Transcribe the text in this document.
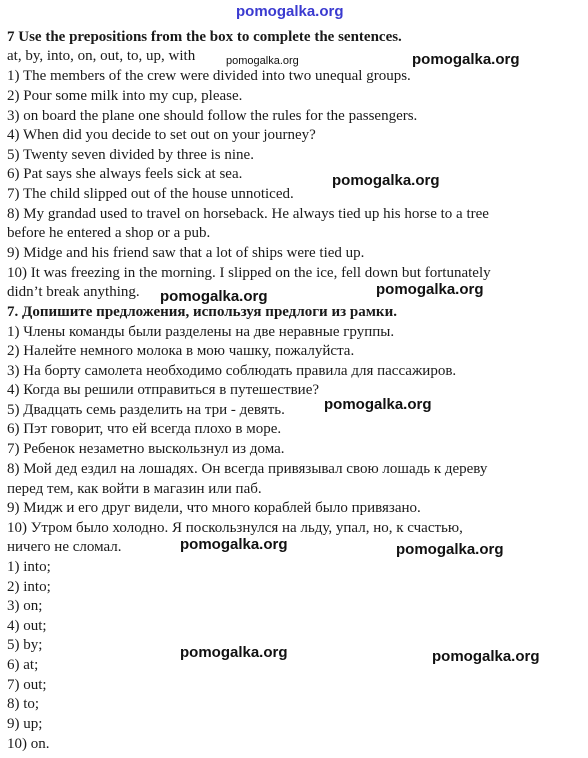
pomogalka.org
7 Use the prepositions from the box to complete the sentences.
at, by, into, on, out, to, up, with
1) The members of the crew were divided into two unequal groups.
2) Pour some milk into my cup, please.
3) on board the plane one should follow the rules for the passengers.
4) When did you decide to set out on your journey?
5) Twenty seven divided by three is nine.
6) Pat says she always feels sick at sea.
7) The child slipped out of the house unnoticed.
8) My grandad used to travel on horseback. He always tied up his horse to a tree
before he entered a shop or a pub.
9) Midge and his friend saw that a lot of ships were tied up.
10) It was freezing in the morning. I slipped on the ice, fell down but fortunately
didn’t break anything.
7. Допишите предложения, используя предлоги из рамки.
1) Члены команды были разделены на две неравные группы.
2) Налейте немного молока в мою чашку, пожалуйста.
3) На борту самолета необходимо соблюдать правила для пассажиров.
4) Когда вы решили отправиться в путешествие?
5) Двадцать семь разделить на три - девять.
6) Пэт говорит, что ей всегда плохо в море.
7) Ребенок незаметно выскользнул из дома.
8) Мой дед ездил на лошадях. Он всегда привязывал свою лошадь к дереву
перед тем, как войти в магазин или паб.
9) Мидж и его друг видели, что много кораблей было привязано.
10) Утром было холодно. Я поскользнулся на льду, упал, но, к счастью,
ничего не сломал.
1) into;
2) into;
3) on;
4) out;
5) by;
6) at;
7) out;
8) to;
9) up;
10) on.
pomogalka.org	pomogalka.org
pomogalka.org
pomogalka.org	pomogalka.org
pomogalka.org
pomogalka.org	pomogalka.org
pomogalka.org	pomogalka.org
